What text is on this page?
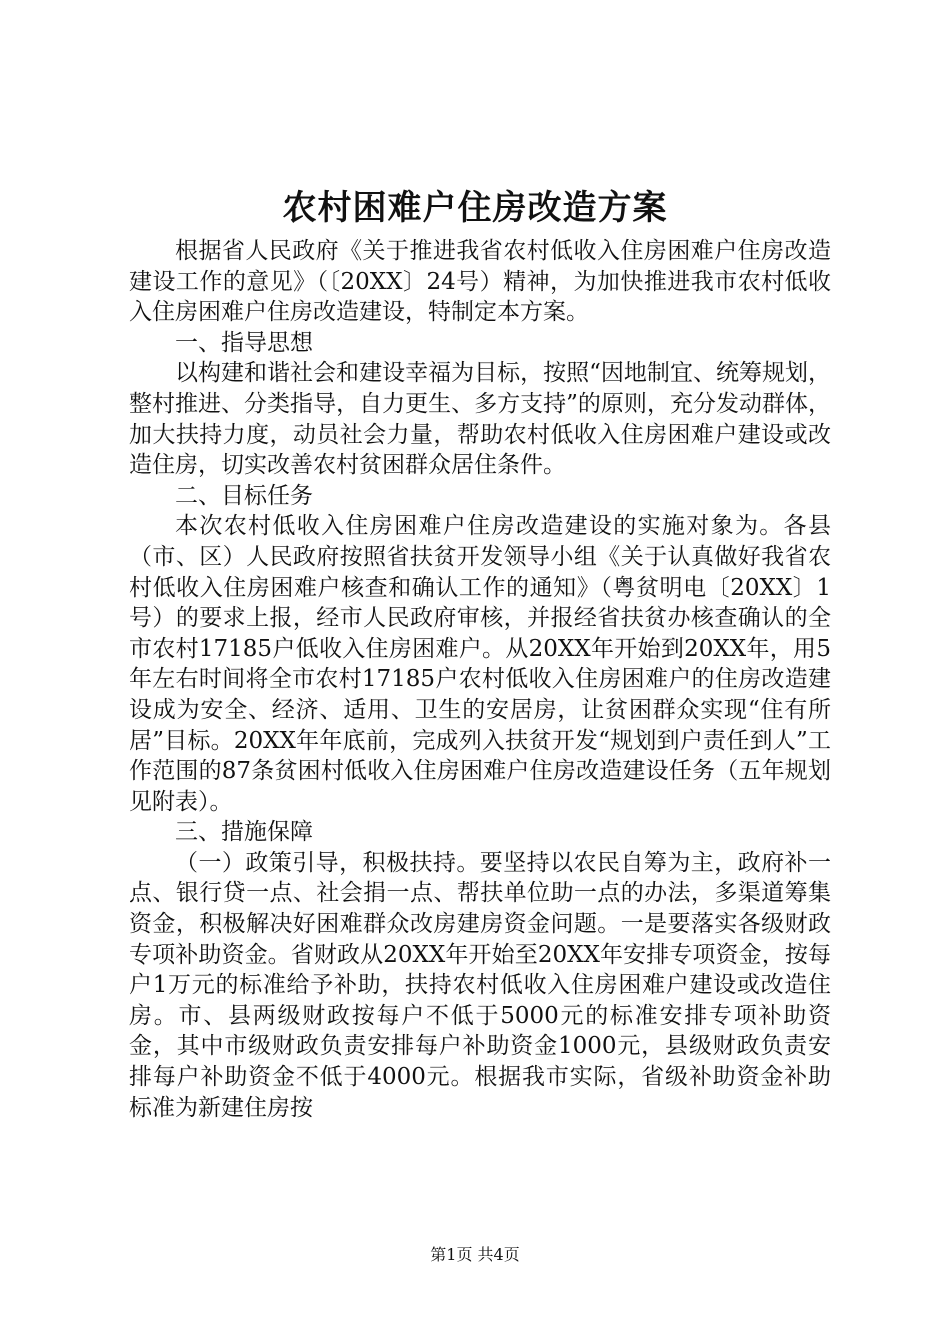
农村困难户住房改造方案

根据省人民政府《关于推进我省农村低收入住房困难户住房改造建设工作的意见》（〔20XX〕24号）精神，为加快推进我市农村低收入住房困难户住房改造建设，特制定本方案。

一、指导思想

以构建和谐社会和建设幸福为目标，按照“因地制宜、统筹规划，整村推进、分类指导，自力更生、多方支持”的原则，充分发动群体，加大扶持力度，动员社会力量，帮助农村低收入住房困难户建设或改造住房，切实改善农村贫困群众居住条件。

二、目标任务

本次农村低收入住房困难户住房改造建设的实施对象为。各县（市、区）人民政府按照省扶贫开发领导小组《关于认真做好我省农村低收入住房困难户核查和确认工作的通知》（粤贫明电〔20XX〕1号）的要求上报，经市人民政府审核，并报经省扶贫办核查确认的全市农村17185户低收入住房困难户。从20XX年开始到20XX年，用5年左右时间将全市农村17185户农村低收入住房困难户的住房改造建设成为安全、经济、适用、卫生的安居房，让贫困群众实现“住有所居”目标。20XX年年底前，完成列入扶贫开发“规划到户责任到人”工作范围的87条贫困村低收入住房困难户住房改造建设任务（五年规划见附表）。

三、措施保障

（一）政策引导，积极扶持。要坚持以农民自筹为主，政府补一点、银行贷一点、社会捐一点、帮扶单位助一点的办法，多渠道筹集资金，积极解决好困难群众改房建房资金问题。一是要落实各级财政专项补助资金。省财政从20XX年开始至20XX年安排专项资金，按每户1万元的标准给予补助，扶持农村低收入住房困难户建设或改造住房。市、县两级财政按每户不低于5000元的标准安排专项补助资金，其中市级财政负责安排每户补助资金1000元，县级财政负责安排每户补助资金不低于4000元。根据我市实际，省级补助资金补助标准为新建住房按

第1页 共4页
